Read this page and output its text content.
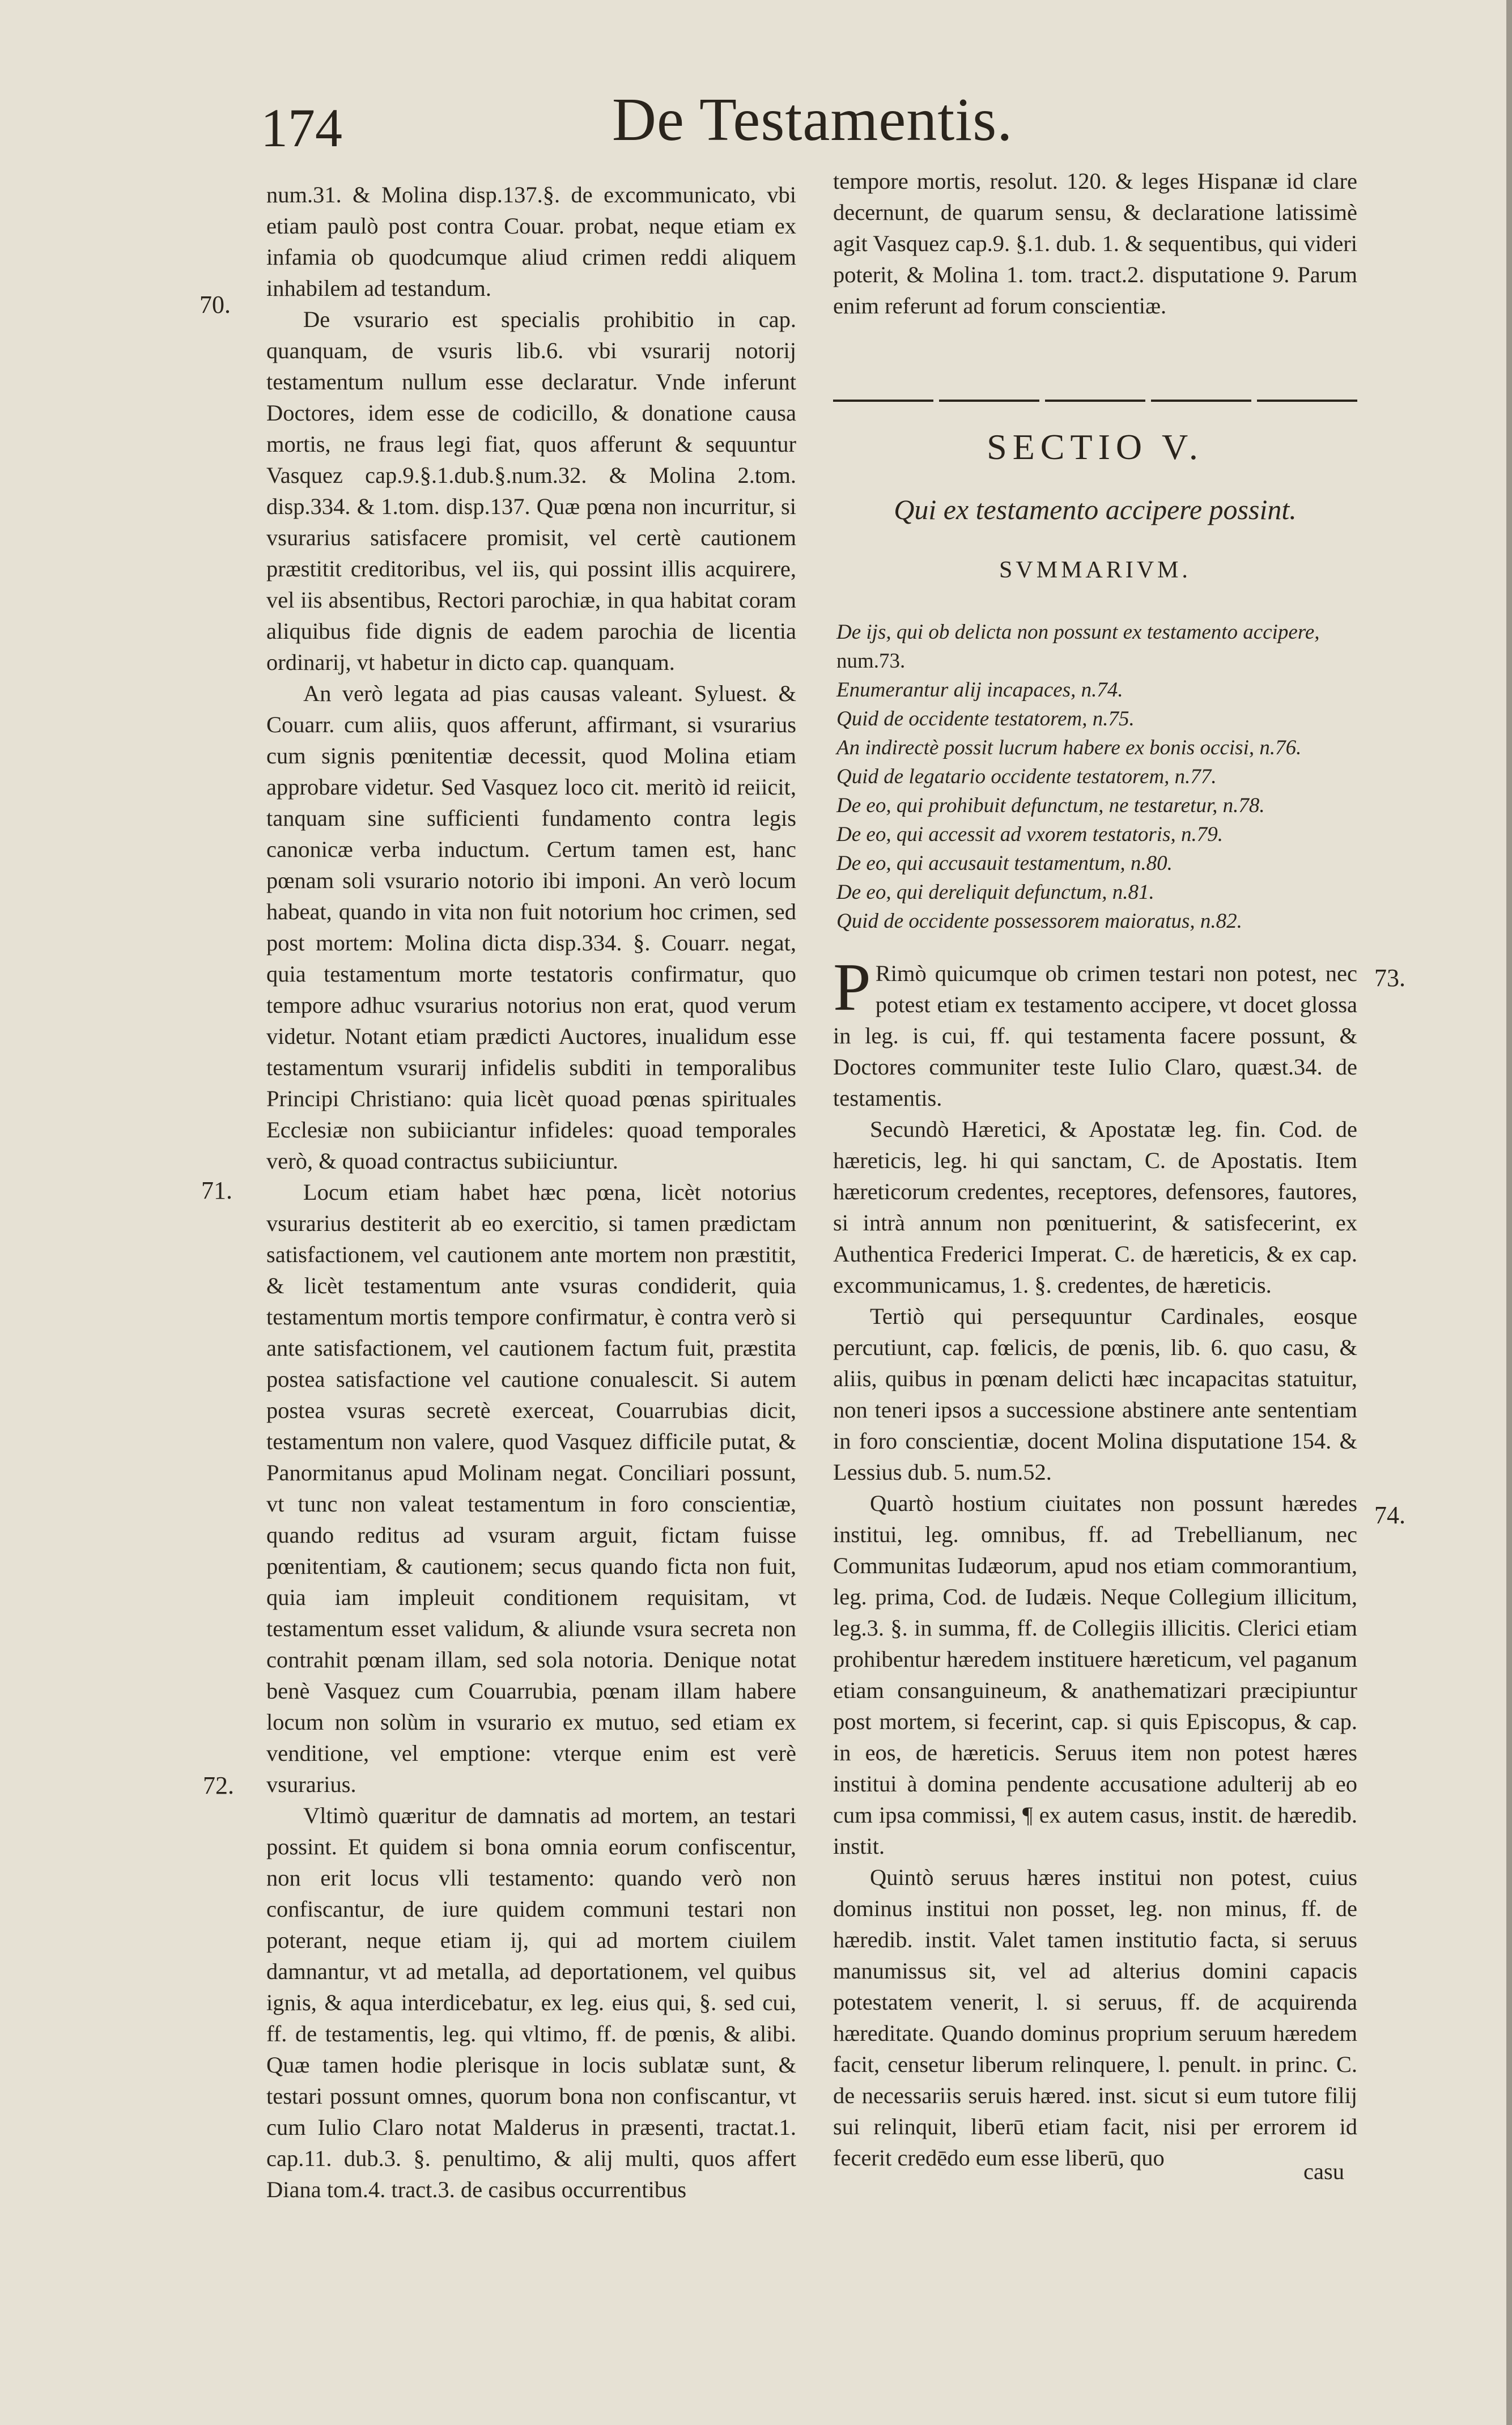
174	De Testamentis.

num.31. & Molina disp.137.§. de excommunicato, vbi etiam paulò post contra Couar. probat, neque etiam ex infamia ob quodcumque aliud crimen reddi aliquem inhabilem ad testandum.

De vsurario est specialis prohibitio in cap. quanquam, de vsuris lib.6. vbi vsurarij notorij testamentum nullum esse declaratur. Vnde inferunt Doctores, idem esse de codicillo, & donatione causa mortis, ne fraus legi fiat, quos afferunt & sequuntur Vasquez cap.9.§.1.dub.§.num.32. & Molina 2.tom. disp.334. & 1.tom. disp.137. Quæ pœna non incurritur, si vsurarius satisfacere promisit, vel certè cautionem præstitit creditoribus, vel iis, qui possint illis acquirere, vel iis absentibus, Rectori parochiæ, in qua habitat coram aliquibus fide dignis de eadem parochia de licentia ordinarij, vt habetur in dicto cap. quanquam.

An verò legata ad pias causas valeant. Syluest. & Couarr. cum aliis, quos afferunt, affirmant, si vsurarius cum signis pœnitentiæ decessit, quod Molina etiam approbare videtur. Sed Vasquez loco cit. meritò id reiicit, tanquam sine sufficienti fundamento contra legis canonicæ verba inductum. Certum tamen est, hanc pœnam soli vsurario notorio ibi imponi. An verò locum habeat, quando in vita non fuit notorium hoc crimen, sed post mortem: Molina dicta disp.334. §. Couarr. negat, quia testamentum morte testatoris confirmatur, quo tempore adhuc vsurarius notorius non erat, quod verum videtur. Notant etiam prædicti Auctores, inualidum esse testamentum vsurarij infidelis subditi in temporalibus Principi Christiano: quia licèt quoad pœnas spirituales Ecclesiæ non subiiciantur infideles: quoad temporales verò, & quoad contractus subiiciuntur.

Locum etiam habet hæc pœna, licèt notorius vsurarius destiterit ab eo exercitio, si tamen prædictam satisfactionem, vel cautionem ante mortem non præstitit, & licèt testamentum ante vsuras condiderit, quia testamentum mortis tempore confirmatur, è contra verò si ante satisfactionem, vel cautionem factum fuit, præstita postea satisfactione vel cautione conualescit. Si autem postea vsuras secretè exerceat, Couarrubias dicit, testamentum non valere, quod Vasquez difficile putat, & Panormitanus apud Molinam negat. Conciliari possunt, vt tunc non valeat testamentum in foro conscientiæ, quando reditus ad vsuram arguit, fictam fuisse pœnitentiam, & cautionem; secus quando ficta non fuit, quia iam impleuit conditionem requisitam, vt testamentum esset validum, & aliunde vsura secreta non contrahit pœnam illam, sed sola notoria. Denique notat benè Vasquez cum Couarrubia, pœnam illam habere locum non solùm in vsurario ex mutuo, sed etiam ex venditione, vel emptione: vterque enim est verè vsurarius.

Vltimò quæritur de damnatis ad mortem, an testari possint. Et quidem si bona omnia eorum confiscentur, non erit locus vlli testamento: quando verò non confiscantur, de iure quidem communi testari non poterant, neque etiam ij, qui ad mortem ciuilem damnantur, vt ad metalla, ad deportationem, vel quibus ignis, & aqua interdicebatur, ex leg. eius qui, §. sed cui, ff. de testamentis, leg. qui vltimo, ff. de pœnis, & alibi. Quæ tamen hodie plerisque in locis sublatæ sunt, & testari possunt omnes, quorum bona non confiscantur, vt cum Iulio Claro notat Malderus in præsenti, tractat.1. cap.11. dub.3. §. penultimo, & alij multi, quos affert Diana tom.4. tract.3. de casibus occurrentibus

70.
71.
72.

tempore mortis, resolut. 120. & leges Hispanæ id clare decernunt, de quarum sensu, & declaratione latissimè agit Vasquez cap.9. §.1. dub. 1. & sequentibus, qui videri poterit, & Molina 1. tom. tract.2. disputatione 9. Parum enim referunt ad forum conscientiæ.

SECTIO V.
Qui ex testamento accipere possint.
SVMMARIVM.
De ijs, qui ob delicta non possunt ex testamento accipere,
num.73.
Enumerantur alij incapaces, n.74.
Quid de occidente testatorem, n.75.
An indirectè possit lucrum habere ex bonis occisi, n.76.
Quid de legatario occidente testatorem, n.77.
De eo, qui prohibuit defunctum, ne testaretur, n.78.
De eo, qui accessit ad vxorem testatoris, n.79.
De eo, qui accusauit testamentum, n.80.
De eo, qui dereliquit defunctum, n.81.
Quid de occidente possessorem maioratus, n.82.

P Rimò quicumque ob crimen testari non potest, nec potest etiam ex testamento accipere, vt docet glossa in leg. is cui, ff. qui testamenta facere possunt, & Doctores communiter teste Iulio Claro, quæst.34. de testamentis.

Secundò Hæretici, & Apostatæ leg. fin. Cod. de hæreticis, leg. hi qui sanctam, C. de Apostatis. Item hæreticorum credentes, receptores, defensores, fautores, si intrà annum non pœnituerint, & satisfecerint, ex Authentica Frederici Imperat. C. de hæreticis, & ex cap. excommunicamus, 1. §. credentes, de hæreticis.

Tertiò qui persequuntur Cardinales, eosque percutiunt, cap. fœlicis, de pœnis, lib. 6. quo casu, & aliis, quibus in pœnam delicti hæc incapacitas statuitur, non teneri ipsos a successione abstinere ante sententiam in foro conscientiæ, docent Molina disputatione 154. & Lessius dub. 5. num.52.

Quartò hostium ciuitates non possunt hæredes institui, leg. omnibus, ff. ad Trebellianum, nec Communitas Iudæorum, apud nos etiam commorantium, leg. prima, Cod. de Iudæis. Neque Collegium illicitum, leg.3. §. in summa, ff. de Collegiis illicitis. Clerici etiam prohibentur hæredem instituere hæreticum, vel paganum etiam consanguineum, & anathematizari præcipiuntur post mortem, si fecerint, cap. si quis Episcopus, & cap. in eos, de hæreticis. Seruus item non potest hæres institui à domina pendente accusatione adulterij ab eo cum ipsa commissi, ¶ ex autem casus, instit. de hæredib. instit.

Quintò seruus hæres institui non potest, cuius dominus institui non posset, leg. non minus, ff. de hæredib. instit. Valet tamen institutio facta, si seruus manumissus sit, vel ad alterius domini capacis potestatem venerit, l. si seruus, ff. de acquirenda hæreditate. Quando dominus proprium seruum hæredem facit, censetur liberum relinquere, l. penult. in princ. C. de necessariis seruis hæred. inst. sicut si eum tutore filij sui relinquit, liberū etiam facit, nisi per errorem id fecerit credēdo eum esse liberū, quo

73.
74.
casu
